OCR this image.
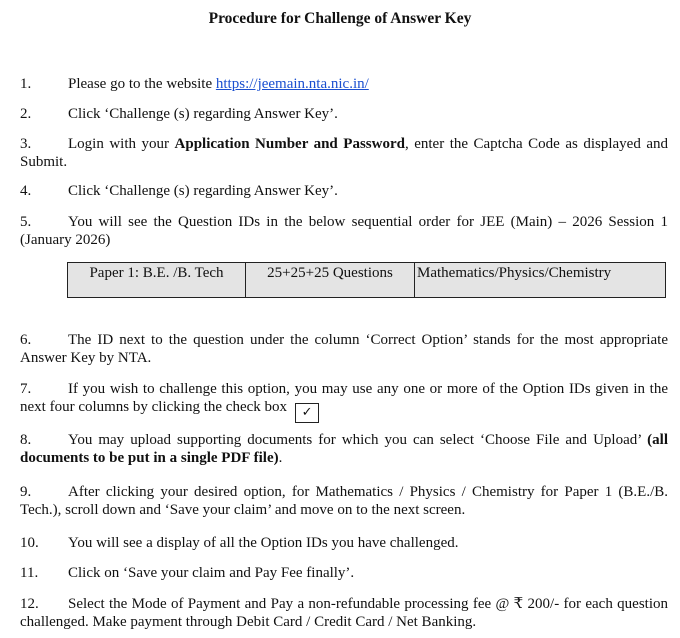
Procedure for Challenge of Answer Key
1. Please go to the website https://jeemain.nta.nic.in/
2. Click ‘Challenge (s) regarding Answer Key’.
3. Login with your Application Number and Password, enter the Captcha Code as displayed and Submit.
4. Click ‘Challenge (s) regarding Answer Key’.
5. You will see the Question IDs in the below sequential order for JEE (Main) – 2026 Session 1 (January 2026)
Paper 1: B.E. /B. Tech	25+25+25 Questions	Mathematics/Physics/Chemistry
6. The ID next to the question under the column ‘Correct Option’ stands for the most appropriate Answer Key by NTA.
7. If you wish to challenge this option, you may use any one or more of the Option IDs given in the next four columns by clicking the check box ✓
8. You may upload supporting documents for which you can select ‘Choose File and Upload’ (all documents to be put in a single PDF file).
9. After clicking your desired option, for Mathematics / Physics / Chemistry for Paper 1 (B.E./B. Tech.), scroll down and ‘Save your claim’ and move on to the next screen.
10. You will see a display of all the Option IDs you have challenged.
11. Click on ‘Save your claim and Pay Fee finally’.
12. Select the Mode of Payment and Pay a non-refundable processing fee @ ₹ 200/- for each question challenged. Make payment through Debit Card / Credit Card / Net Banking.
